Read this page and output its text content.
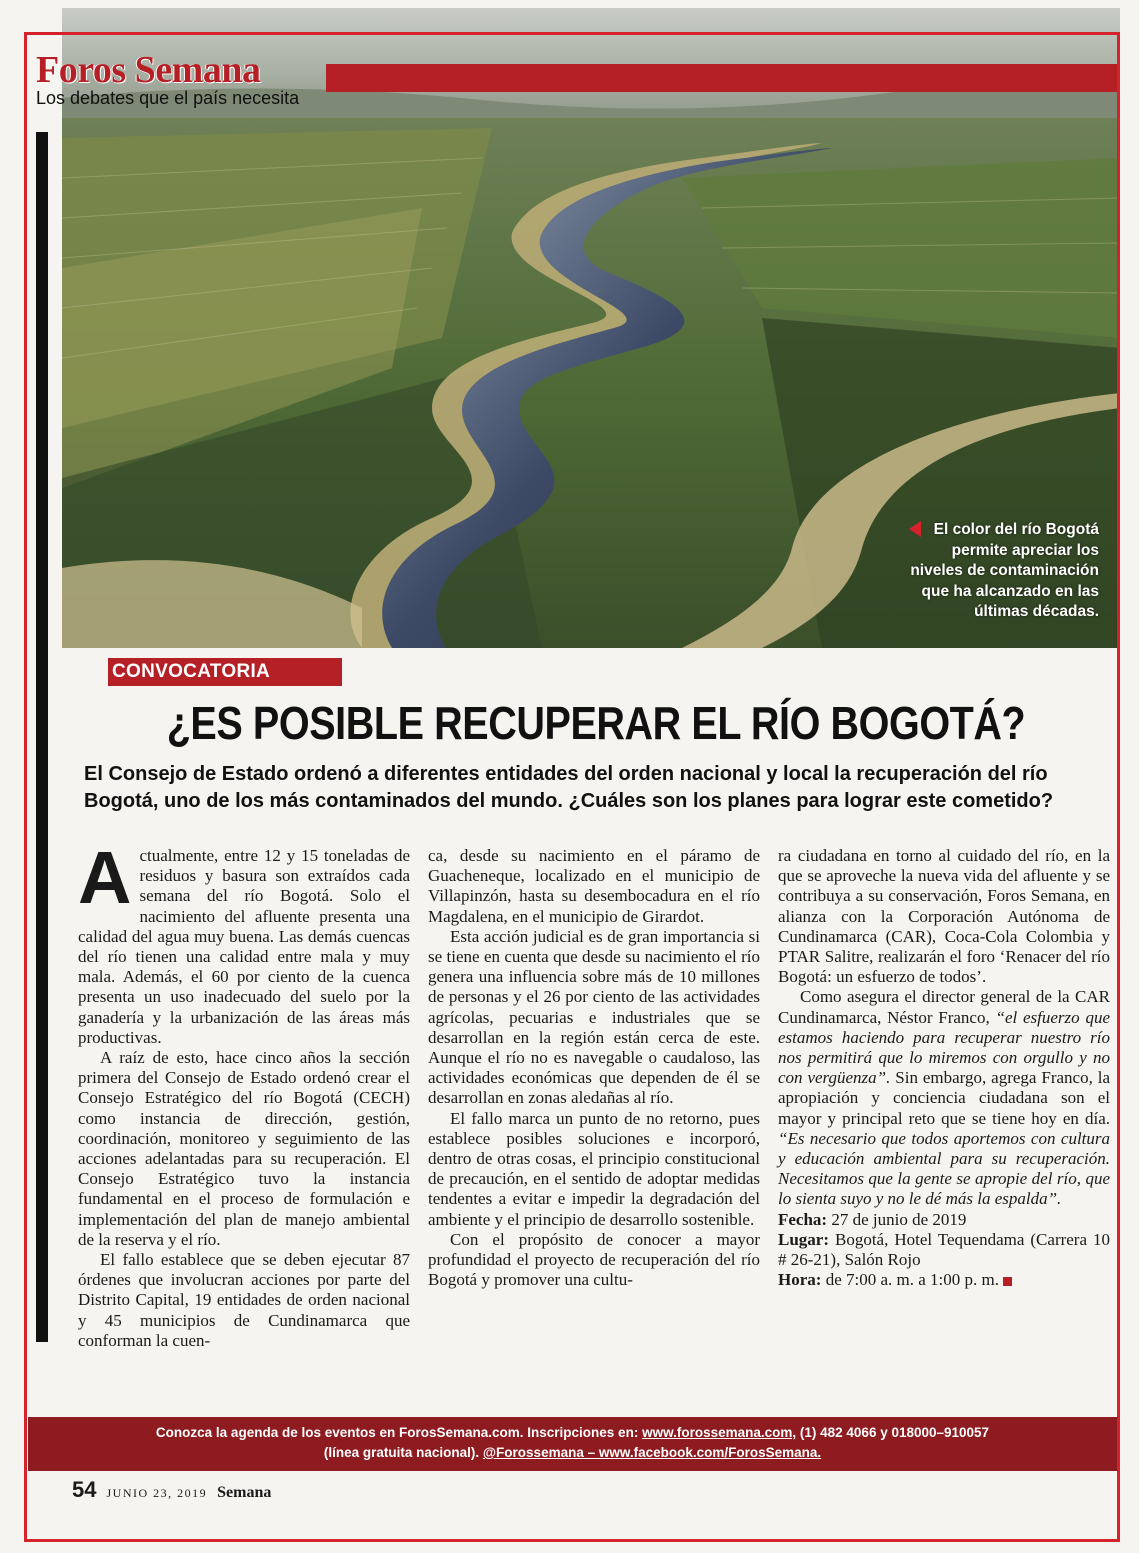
Foros Semana
Los debates que el país necesita
El color del río Bogotá permite apreciar los niveles de contaminación que ha alcanzado en las últimas décadas.
CONVOCATORIA
¿ES POSIBLE RECUPERAR EL RÍO BOGOTÁ?
El Consejo de Estado ordenó a diferentes entidades del orden nacional y local la recuperación del río Bogotá, uno de los más contaminados del mundo. ¿Cuáles son los planes para lograr este cometido?

Actualmente, entre 12 y 15 toneladas de residuos y basura son extraídos cada semana del río Bogotá. Solo el nacimiento del afluente presenta una calidad del agua muy buena. Las demás cuencas del río tienen una calidad entre mala y muy mala. Además, el 60 por ciento de la cuenca presenta un uso inadecuado del suelo por la ganadería y la urbanización de las áreas más productivas.

A raíz de esto, hace cinco años la sección primera del Consejo de Estado ordenó crear el Consejo Estratégico del río Bogotá (CECH) como instancia de dirección, gestión, coordinación, monitoreo y seguimiento de las acciones adelantadas para su recuperación. El Consejo Estratégico tuvo la instancia fundamental en el proceso de formulación e implementación del plan de manejo ambiental de la reserva y el río.

El fallo establece que se deben ejecutar 87 órdenes que involucran acciones por parte del Distrito Capital, 19 entidades de orden nacional y 45 municipios de Cundinamarca que conforman la cuen-

ca, desde su nacimiento en el páramo de Guacheneque, localizado en el municipio de Villapinzón, hasta su desembocadura en el río Magdalena, en el municipio de Girardot.

Esta acción judicial es de gran importancia si se tiene en cuenta que desde su nacimiento el río genera una influencia sobre más de 10 millones de personas y el 26 por ciento de las actividades agrícolas, pecuarias e industriales que se desarrollan en la región están cerca de este. Aunque el río no es navegable o caudaloso, las actividades económicas que dependen de él se desarrollan en zonas aledañas al río.

El fallo marca un punto de no retorno, pues establece posibles soluciones e incorporó, dentro de otras cosas, el principio constitucional de precaución, en el sentido de adoptar medidas tendentes a evitar e impedir la degradación del ambiente y el principio de desarrollo sostenible.

Con el propósito de conocer a mayor profundidad el proyecto de recuperación del río Bogotá y promover una cultu-

ra ciudadana en torno al cuidado del río, en la que se aproveche la nueva vida del afluente y se contribuya a su conservación, Foros Semana, en alianza con la Corporación Autónoma de Cundinamarca (CAR), Coca-Cola Colombia y PTAR Salitre, realizarán el foro ‘Renacer del río Bogotá: un esfuerzo de todos’.

Como asegura el director general de la CAR Cundinamarca, Néstor Franco, “el esfuerzo que estamos haciendo para recuperar nuestro río nos permitirá que lo miremos con orgullo y no con vergüenza”. Sin embargo, agrega Franco, la apropiación y conciencia ciudadana son el mayor y principal reto que se tiene hoy en día. “Es necesario que todos aportemos con cultura y educación ambiental para su recuperación. Necesitamos que la gente se apropie del río, que lo sienta suyo y no le dé más la espalda”.

Fecha: 27 de junio de 2019

Lugar: Bogotá, Hotel Tequendama (Carrera 10 # 26-21), Salón Rojo

Hora: de 7:00 a. m. a 1:00 p. m.

Conozca la agenda de los eventos en ForosSemana.com. Inscripciones en: www.forossemana.com, (1) 482 4066 y 018000–910057
(línea gratuita nacional). @Forossemana – www.facebook.com/ForosSemana.
54 JUNIO 23, 2019 Semana
